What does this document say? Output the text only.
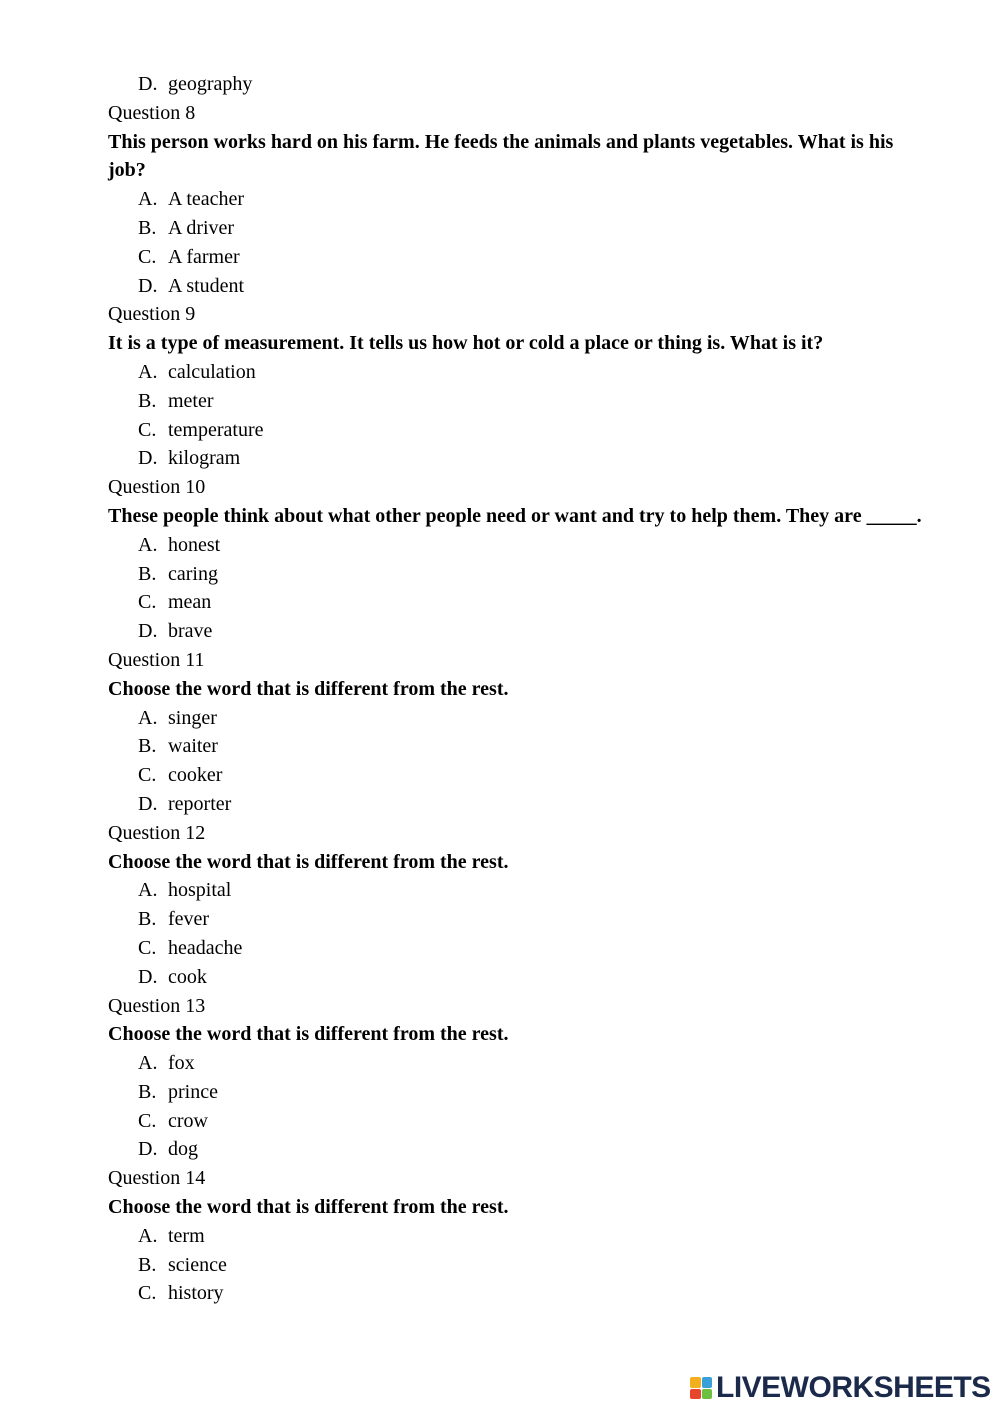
D. geography
Question 8
This person works hard on his farm. He feeds the animals and plants vegetables. What is his job?
A. A teacher
B. A driver
C. A farmer
D. A student
Question 9
It is a type of measurement. It tells us how hot or cold a place or thing is. What is it?
A. calculation
B. meter
C. temperature
D. kilogram
Question 10
These people think about what other people need or want and try to help them. They are _____.
A. honest
B. caring
C. mean
D. brave
Question 11
Choose the word that is different from the rest.
A. singer
B. waiter
C. cooker
D. reporter
Question 12
Choose the word that is different from the rest.
A. hospital
B. fever
C. headache
D. cook
Question 13
Choose the word that is different from the rest.
A. fox
B. prince
C. crow
D. dog
Question 14
Choose the word that is different from the rest.
A. term
B. science
C. history
LIVEWORKSHEETS
